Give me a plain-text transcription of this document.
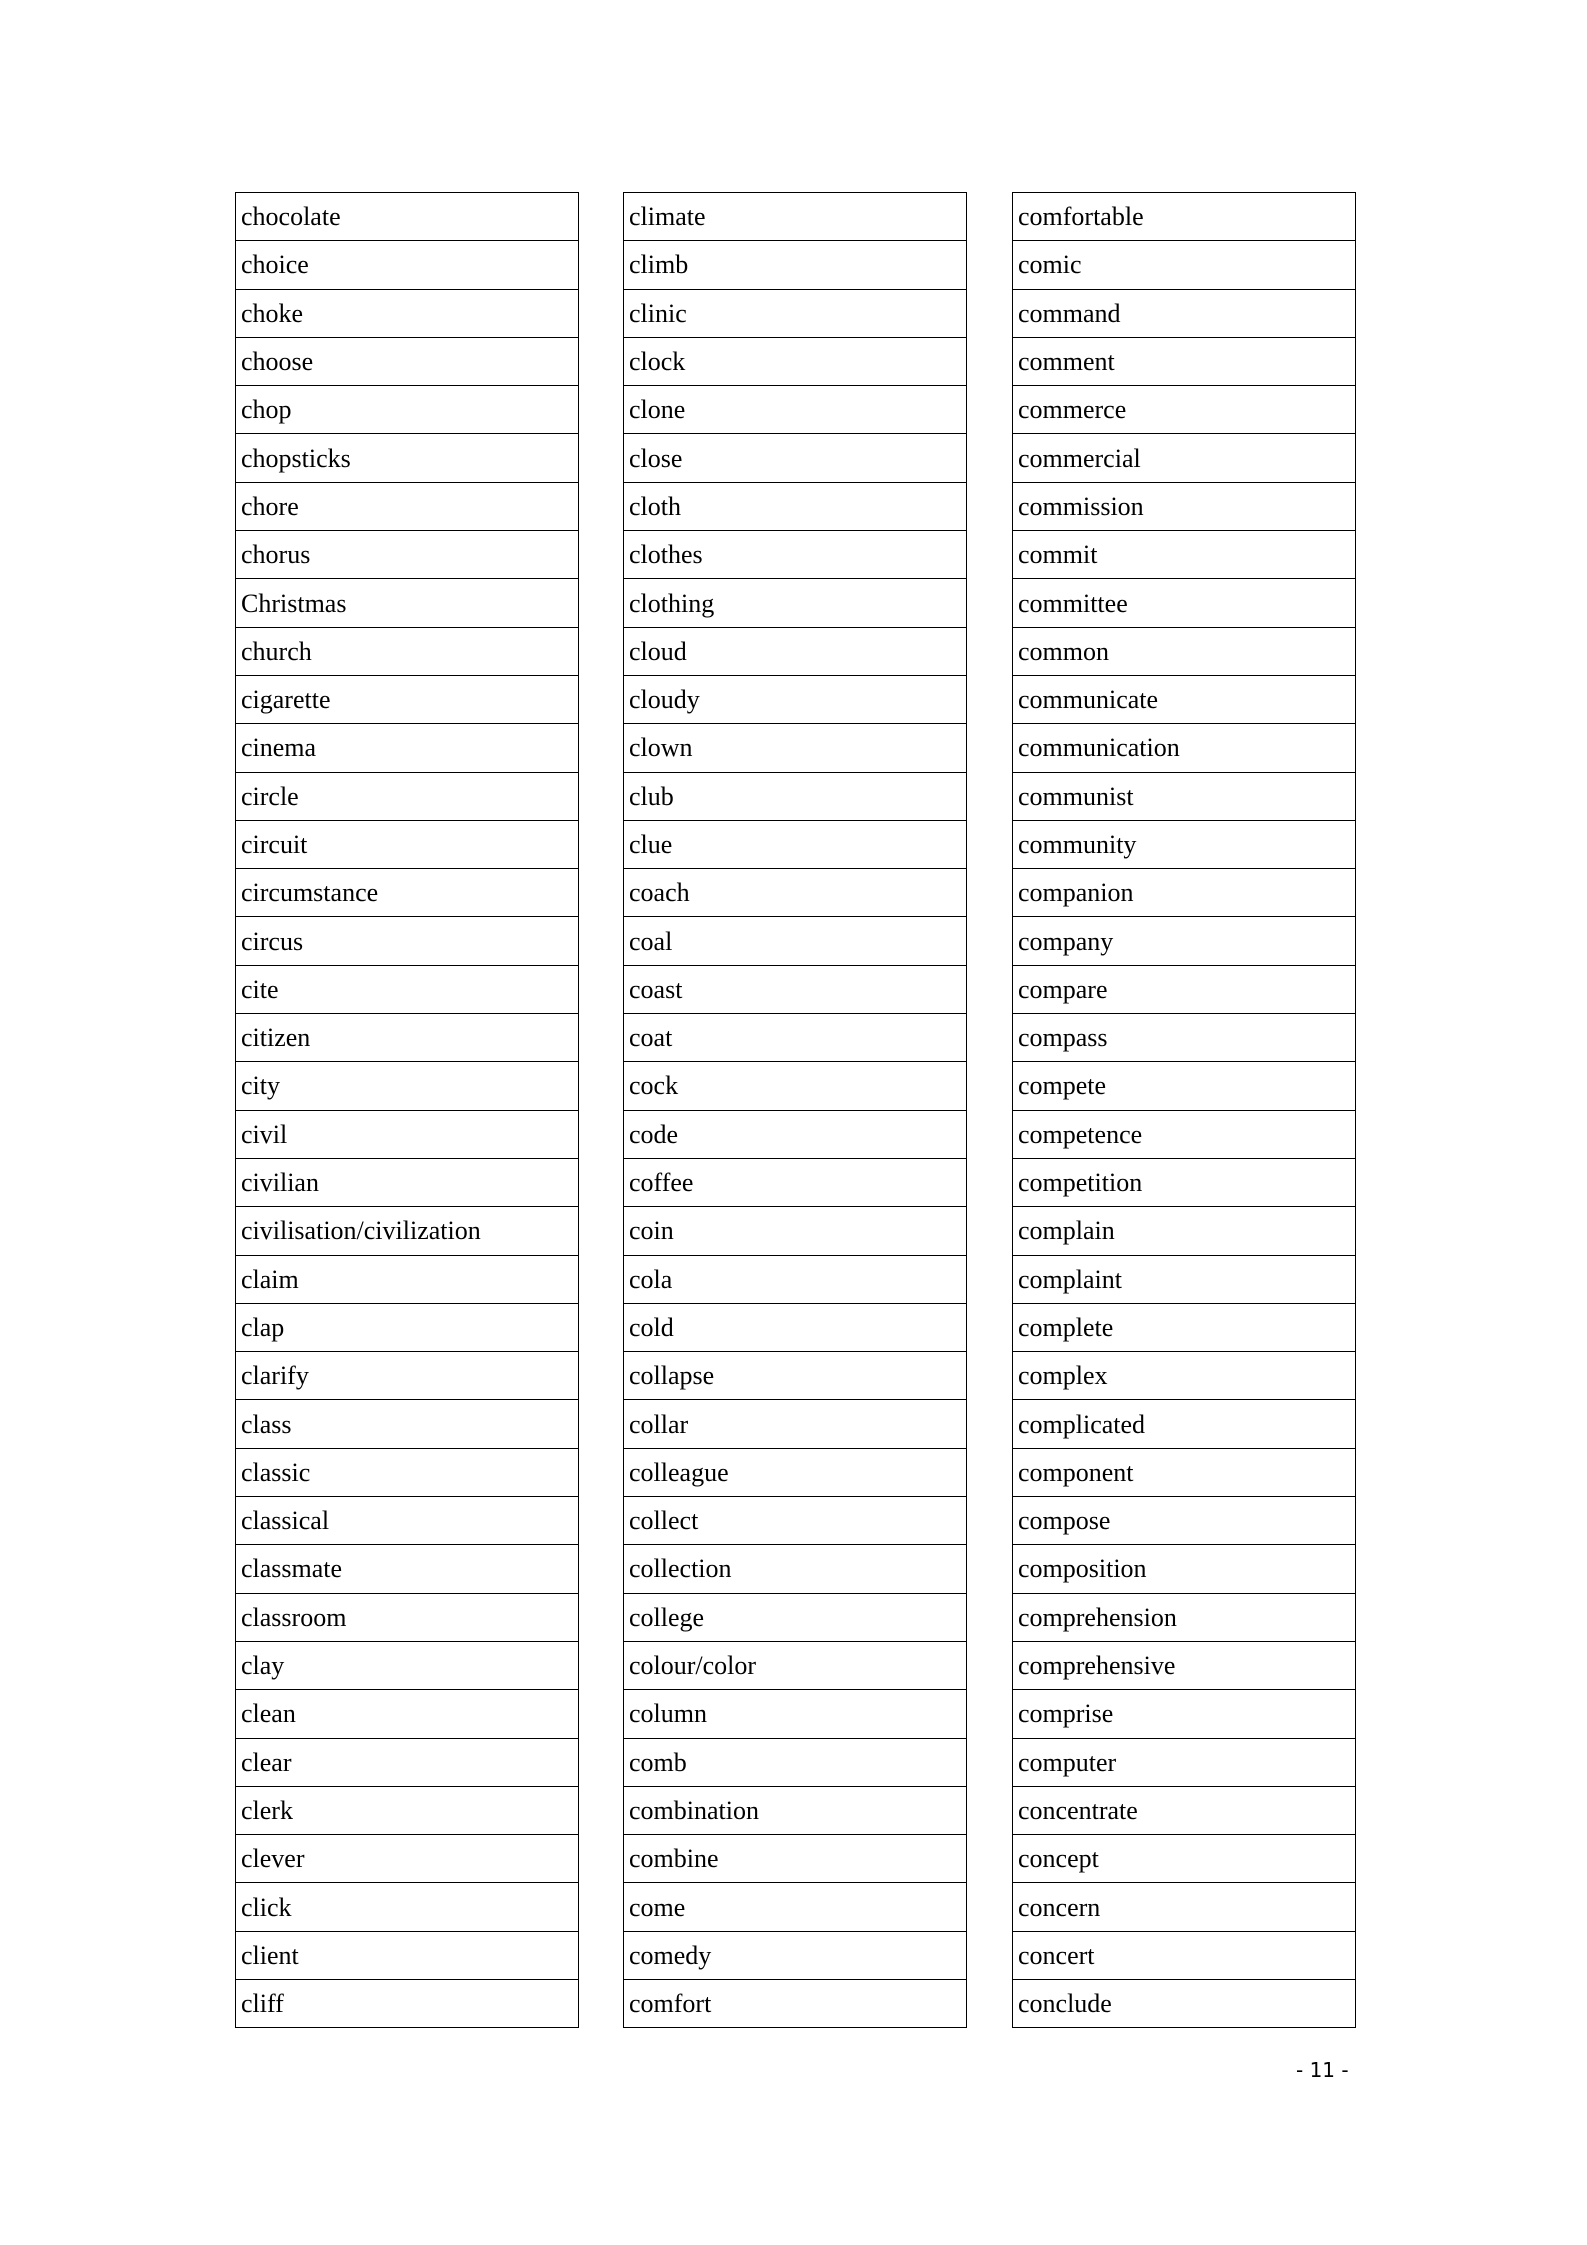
chocolate
choice
choke
choose
chop
chopsticks
chore
chorus
Christmas
church
cigarette
cinema
circle
circuit
circumstance
circus
cite
citizen
city
civil
civilian
civilisation/civilization
claim
clap
clarify
class
classic
classical
classmate
classroom
clay
clean
clear
clerk
clever
click
client
cliff
climate
climb
clinic
clock
clone
close
cloth
clothes
clothing
cloud
cloudy
clown
club
clue
coach
coal
coast
coat
cock
code
coffee
coin
cola
cold
collapse
collar
colleague
collect
collection
college
colour/color
column
comb
combination
combine
come
comedy
comfort
comfortable
comic
command
comment
commerce
commercial
commission
commit
committee
common
communicate
communication
communist
community
companion
company
compare
compass
compete
competence
competition
complain
complaint
complete
complex
complicated
component
compose
composition
comprehension
comprehensive
comprise
computer
concentrate
concept
concern
concert
conclude
- 11 -
